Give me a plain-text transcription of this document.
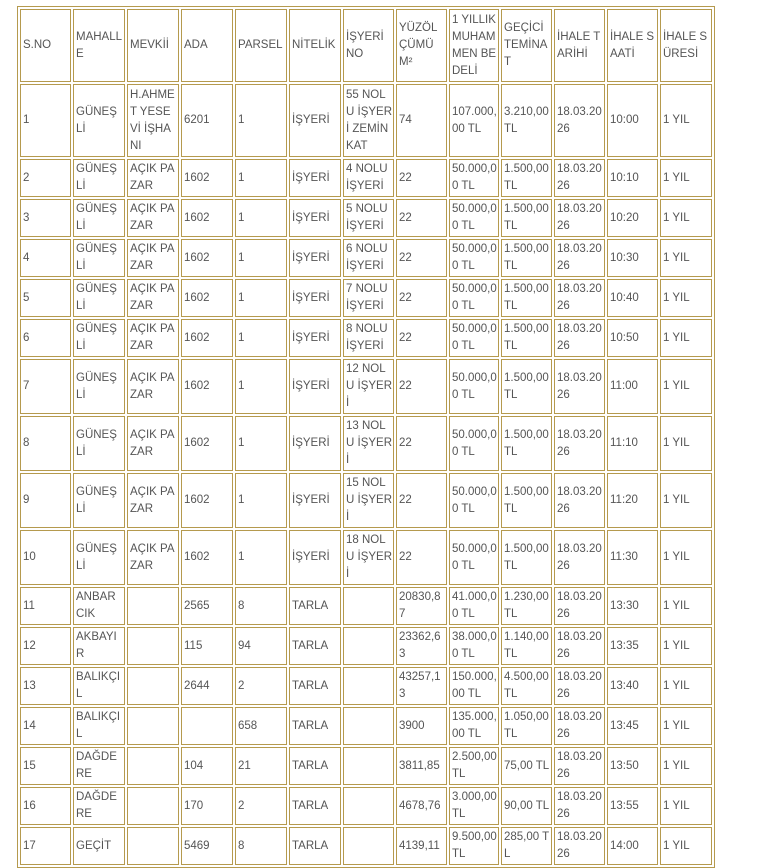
S.NO	MAHALLE	MEVKİİ	ADA	PARSEL	NİTELİK	İŞYERİ NO	YÜZÖLÇÜMÜ M²	1 YILLIK MUHAMMEN BEDELİ	GEÇİCİ TEMİNAT	İHALE TARİHİ	İHALE SAATİ	İHALE SÜRESİ
1	GÜNEŞLİ	H.AHMET YESEVİ İŞHANI	6201	1	İŞYERİ	55 NOLU İŞYERİ ZEMİN KAT	74	107.000,00 TL	3.210,00 TL	18.03.2026	10:00	1 YIL
2	GÜNEŞLİ	AÇIK PAZAR	1602	1	İŞYERİ	4 NOLU İŞYERİ	22	50.000,00 TL	1.500,00 TL	18.03.2026	10:10	1 YIL
3	GÜNEŞLİ	AÇIK PAZAR	1602	1	İŞYERİ	5 NOLU İŞYERİ	22	50.000,00 TL	1.500,00 TL	18.03.2026	10:20	1 YIL
4	GÜNEŞLİ	AÇIK PAZAR	1602	1	İŞYERİ	6 NOLU İŞYERİ	22	50.000,00 TL	1.500,00 TL	18.03.2026	10:30	1 YIL
5	GÜNEŞLİ	AÇIK PAZAR	1602	1	İŞYERİ	7 NOLU İŞYERİ	22	50.000,00 TL	1.500,00 TL	18.03.2026	10:40	1 YIL
6	GÜNEŞLİ	AÇIK PAZAR	1602	1	İŞYERİ	8 NOLU İŞYERİ	22	50.000,00 TL	1.500,00 TL	18.03.2026	10:50	1 YIL
7	GÜNEŞLİ	AÇIK PAZAR	1602	1	İŞYERİ	12 NOLU İŞYERİ	22	50.000,00 TL	1.500,00 TL	18.03.2026	11:00	1 YIL
8	GÜNEŞLİ	AÇIK PAZAR	1602	1	İŞYERİ	13 NOLU İŞYERİ	22	50.000,00 TL	1.500,00 TL	18.03.2026	11:10	1 YIL
9	GÜNEŞLİ	AÇIK PAZAR	1602	1	İŞYERİ	15 NOLU İŞYERİ	22	50.000,00 TL	1.500,00 TL	18.03.2026	11:20	1 YIL
10	GÜNEŞLİ	AÇIK PAZAR	1602	1	İŞYERİ	18 NOLU İŞYERİ	22	50.000,00 TL	1.500,00 TL	18.03.2026	11:30	1 YIL
11	ANBARCIK		2565	8	TARLA		20830,87	41.000,00 TL	1.230,00 TL	18.03.2026	13:30	1 YIL
12	AKBAYIR		115	94	TARLA		23362,63	38.000,00 TL	1.140,00 TL	18.03.2026	13:35	1 YIL
13	BALIKÇIL		2644	2	TARLA		43257,13	150.000,00 TL	4.500,00 TL	18.03.2026	13:40	1 YIL
14	BALIKÇIL			658	TARLA		3900	135.000,00 TL	1.050,00 TL	18.03.2026	13:45	1 YIL
15	DAĞDERE		104	21	TARLA		3811,85	2.500,00 TL	75,00 TL	18.03.2026	13:50	1 YIL
16	DAĞDERE		170	2	TARLA		4678,76	3.000,00 TL	90,00 TL	18.03.2026	13:55	1 YIL
17	GEÇİT		5469	8	TARLA		4139,11	9.500,00 TL	285,00 TL	18.03.2026	14:00	1 YIL
